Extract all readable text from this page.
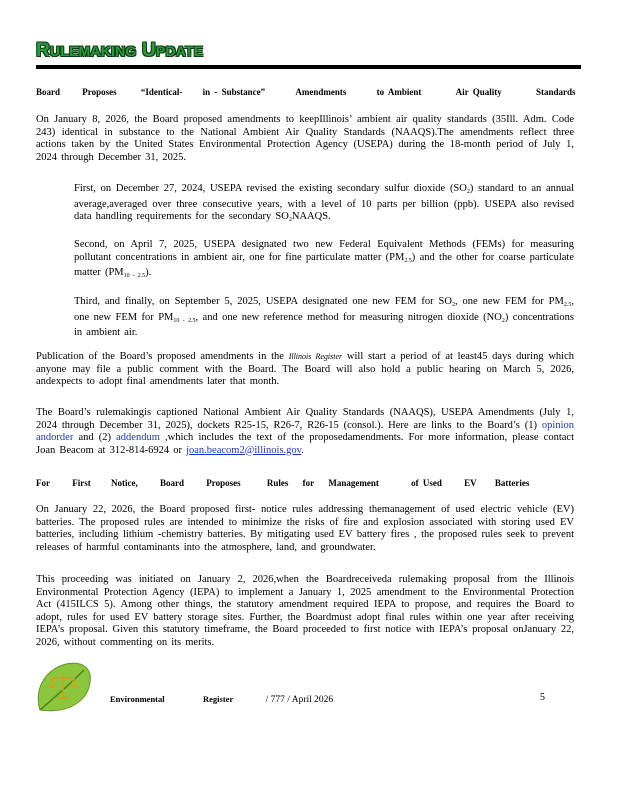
RULEMAKING UPDATE
Board Proposes	“Identical- in - Substance”	Amendments	to Ambient	Air Quality	Standards

On January 8, 2026, the Board proposed amendments to keepIllinois’ ambient air quality standards (35Ill. Adm. Code 243) identical in substance to the National Ambient Air Quality Standards (NAAQS).The amendments reflect three actions taken by the United States Environmental Protection Agency (USEPA) during the 18-month period of July 1, 2024 through December 31, 2025.

First, on December 27, 2024, USEPA revised the existing secondary sulfur dioxide $(SO_2)$ standard to an annual average,averaged over three consecutive years, with a level of 10 parts per billion (ppb). USEPA also revised data handling requirements for the secondary $SO_2NAAQS$.
Second, on April 7, 2025, USEPA designated two new Federal Equivalent Methods (FEMs) for measuring pollutant concentrations in ambient air, one for fine particulate matter $(PM_{2.5})$ and the other for coarse particulate matter $(PM_{10 - 2.5})$.
Third, and finally, on September 5, 2025, USEPA designated one new FEM for $SO_2$, one new FEM for $PM_{2.5}$, one new FEM for $PM_{10 - 2.5}$, and one new reference method for measuring nitrogen dioxide $(NO_2)$ concentrations in ambient air.

Publication of the Board’s proposed amendments in the Illinois Register will start a period of at least45 days during which anyone may file a public comment with the Board. The Board will also hold a public hearing on March 5, 2026, andexpects to adopt final amendments later that month.

The Board’s rulemakingis captioned National Ambient Air Quality Standards (NAAQS), USEPA Amendments (July 1, 2024 through December 31, 2025), dockets R25-15, R26-7, R26-15 (consol.). Here are links to the Board’s (1) opinion andorder and (2) addendum ,which includes the text of the proposedamendments. For more information, please contact Joan Beacom at 312-814-6924 or joan.beacom2@illinois.gov.

For First Notice, Board Proposes	Rules for Management	of Used EV Batteries

On January 22, 2026, the Board proposed first- notice rules addressing themanagement of used electric vehicle (EV) batteries. The proposed rules are intended to minimize the risks of fire and explosion associated with storing used EV batteries, including lithium -chemistry batteries. By mitigating used EV battery fires , the proposed rules seek to prevent releases of harmful contaminants into the atmosphere, land, and groundwater.

This proceeding was initiated on January 2, 2026,when the Boardreceiveda rulemaking proposal from the Illinois Environmental Protection Agency (IEPA) to implement a January 1, 2025 amendment to the Environmental Protection Act (415ILCS 5). Among other things, the statutory amendment required IEPA to propose, and requires the Board to adopt, rules for used EV battery storage sites. Further, the Boardmust adopt final rules within one year after receiving IEPA’s proposal. Given this statutory timeframe, the Board proceeded to first notice with IEPA’s proposal onJanuary 22, 2026, without commenting on its merits.

Environmental	Register	/ 777 / April 2026	5
